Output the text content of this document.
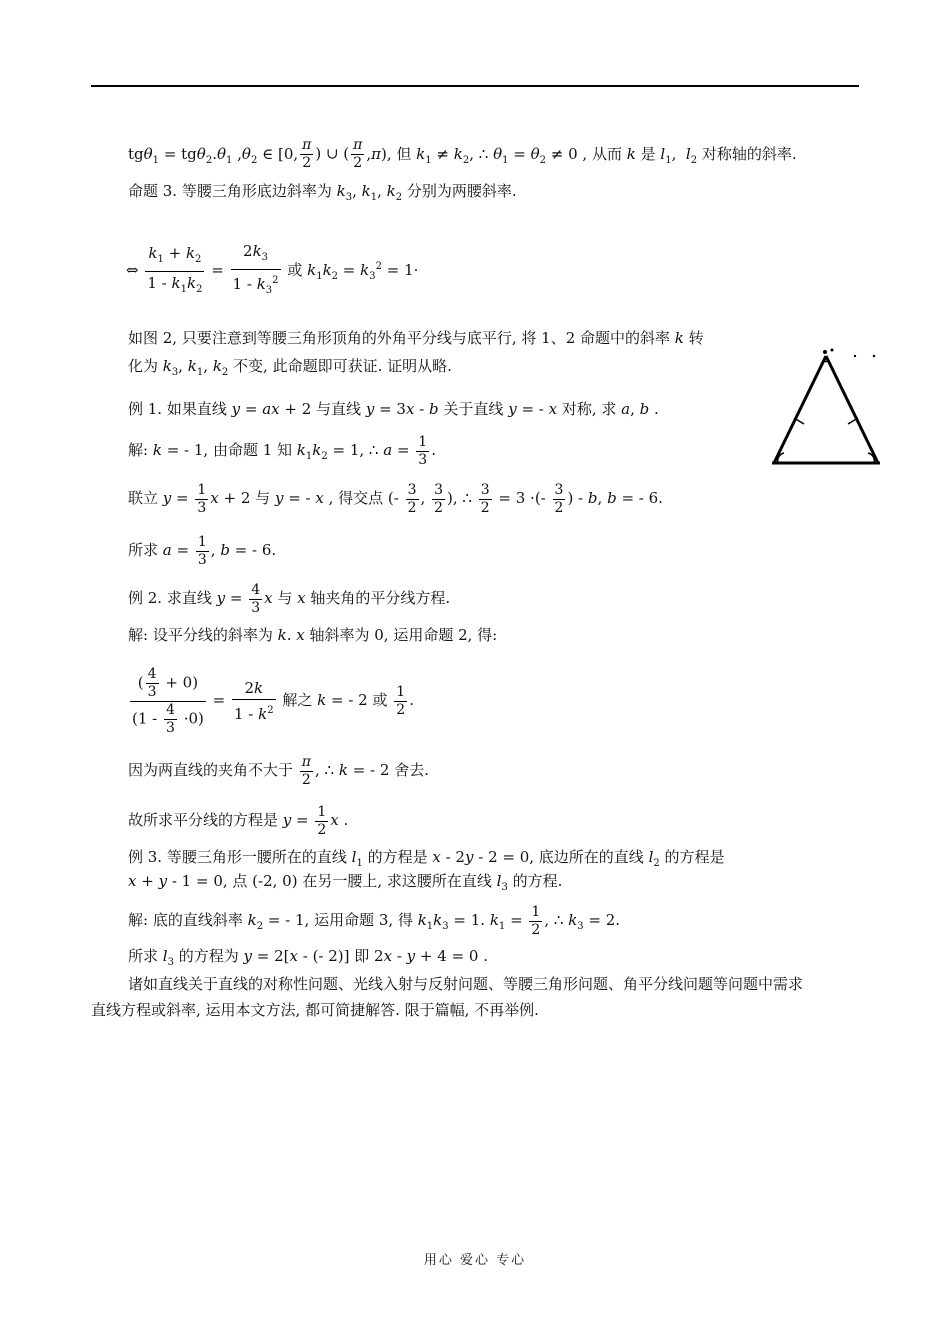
$tg\theta_1 = tg\theta_2.\theta_1$ $,\theta_2$ ∈ [0, $\frac{\pi}{2}$ ) ∪ ( $\frac{\pi}{2} ,\pi$), 但 $k_1 \ne k_2$, ∴ $\theta_1 = \theta_2 \ne 0$ , 从而 k 是 $l_1$,  $l_2$ 对称轴的斜率.
命题 3. 等腰三角形底边斜率为 $k_3$, $k_1$, $k_2$ 分别为两腰斜率.
⇔ $\frac{k_1 + k_2}{1 - k_1k_2} = \frac{2k_3}{1 - k_3^2}$ 或 $k_1k_2 = k_3^2 = 1\cdot$
如图 2, 只要注意到等腰三角形顶角的外角平分线与底平行, 将 1、2 命题中的斜率 k 转
化为 $k_3$, $k_1$, $k_2$ 不变, 此命题即可获证. 证明从略.
例 1. 如果直线 y = ax + 2 与直线 y = 3x - b 关于直线 y = - x 对称, 求 a, b .
解: k = - 1, 由命题 1 知 $k_1k_2 = 1$, ∴ $a = \frac{1}{3}$ .
联立 $y = \frac{1}{3}$ x + 2 与 y = - x , 得交点 (- $\frac{3}{2}$ , $\frac{3}{2}$ ), ∴ $\frac{3}{2} = 3$ ·(- $\frac{3}{2}$ ) - b, b = - 6.
所求 $a = \frac{1}{3}$ , b = - 6.
例 2. 求直线 $y = \frac{4}{3}$ x 与 x 轴夹角的平分线方程.
解: 设平分线的斜率为 k. x 轴斜率为 0, 运用命题 2, 得:
$\frac{( \frac{4}{3} + 0)}{(1 - \frac{4}{3} \cdot 0)} = \frac{2k}{1 - k^2}$ 解之 k = - 2 或 $\frac{1}{2}$ .
因为两直线的夹角不大于 $\frac{\pi}{2}$ , ∴ k = - 2 舍去.
故所求平分线的方程是 $y = \frac{1}{2}$ x .
例 3. 等腰三角形一腰所在的直线 $l_1$ 的方程是 x - 2y - 2 = 0, 底边所在的直线 $l_2$ 的方程是
x + y - 1 = 0, 点 (-2, 0) 在另一腰上, 求这腰所在直线 $l_3$ 的方程.
解: 底的直线斜率 $k_2$ = - 1, 运用命题 3, 得 $k_1k_3 = 1$. $k_1 = \frac{1}{2}$ , ∴ $k_3 = 2$.
所求 $l_3$ 的方程为 y = 2[x - (- 2)] 即 2x - y + 4 = 0 .
诸如直线关于直线的对称性问题、光线入射与反射问题、等腰三角形问题、角平分线问题等问题中需求
直线方程或斜率, 运用本文方法, 都可简捷解答. 限于篇幅, 不再举例.
用心 爱心 专心
